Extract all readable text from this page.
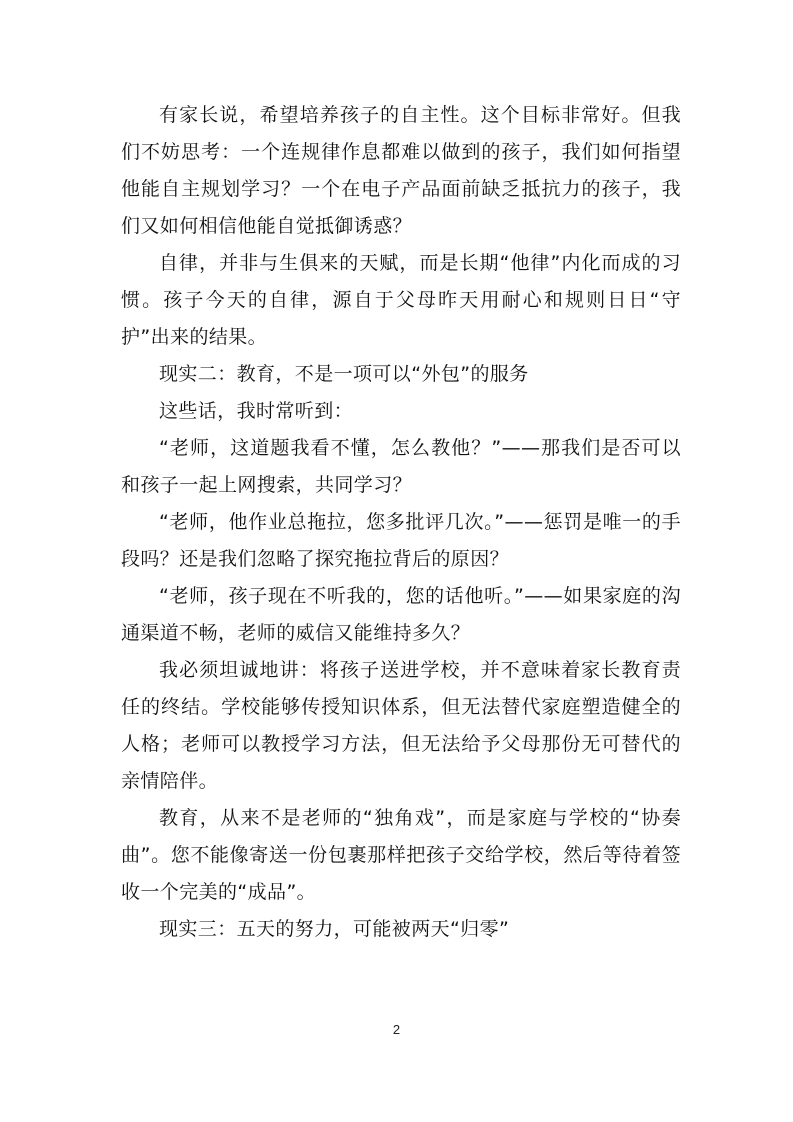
有家长说，希望培养孩子的自主性。这个目标非常好。但我们不妨思考：一个连规律作息都难以做到的孩子，我们如何指望他能自主规划学习？一个在电子产品面前缺乏抵抗力的孩子，我们又如何相信他能自觉抵御诱惑？

自律，并非与生俱来的天赋，而是长期“他律”内化而成的习惯。孩子今天的自律，源自于父母昨天用耐心和规则日日“守护”出来的结果。

现实二：教育，不是一项可以“外包”的服务

这些话，我时常听到：

“老师，这道题我看不懂，怎么教他？”——那我们是否可以和孩子一起上网搜索，共同学习？

“老师，他作业总拖拉，您多批评几次。”——惩罚是唯一的手段吗？还是我们忽略了探究拖拉背后的原因？

“老师，孩子现在不听我的，您的话他听。”——如果家庭的沟通渠道不畅，老师的威信又能维持多久？

我必须坦诚地讲：将孩子送进学校，并不意味着家长教育责任的终结。学校能够传授知识体系，但无法替代家庭塑造健全的人格；老师可以教授学习方法，但无法给予父母那份无可替代的亲情陪伴。

教育，从来不是老师的“独角戏”，而是家庭与学校的“协奏曲”。您不能像寄送一份包裹那样把孩子交给学校，然后等待着签收一个完美的“成品”。

现实三：五天的努力，可能被两天“归零”

2
